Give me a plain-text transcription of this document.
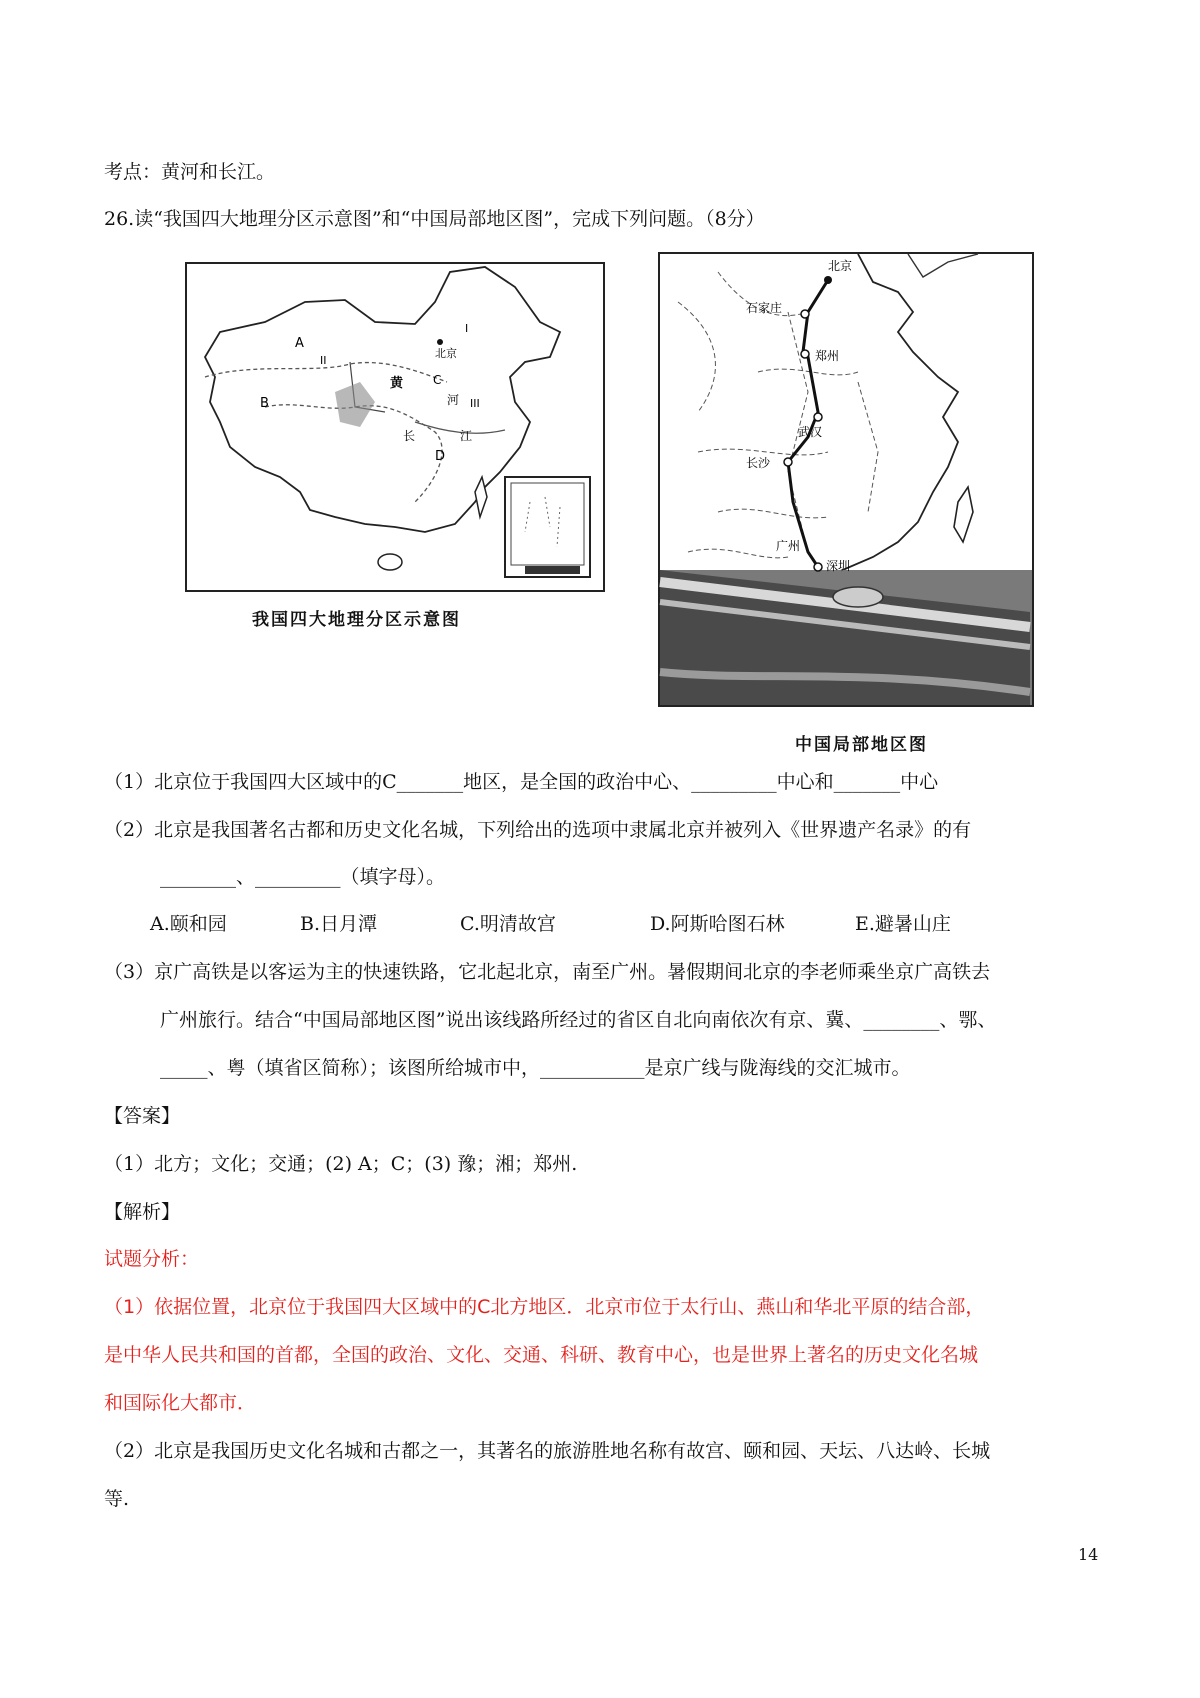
考点：黄河和长江。
26.读“我国四大地理分区示意图”和“中国局部地区图”，完成下列问题。（8分）
A
II
I
北京
黄 C
河 III
B
长	江
D
我国四大地理分区示意图
北京
石家庄
郑州
武汉
长沙
广州
深圳
中国局部地区图
（1）北京位于我国四大区域中的C_______地区，是全国的政治中心、_________中心和_______中心
（2）北京是我国著名古都和历史文化名城，下列给出的选项中隶属北京并被列入《世界遗产名录》的有
________、_________（填字母）。
A.颐和园	B.日月潭	C.明清故宫	D.阿斯哈图石林	E.避暑山庄
（3）京广高铁是以客运为主的快速铁路，它北起北京，南至广州。暑假期间北京的李老师乘坐京广高铁去
广州旅行。结合“中国局部地区图”说出该线路所经过的省区自北向南依次有京、冀、________、鄂、
_____、粤（填省区简称）；该图所给城市中，___________是京广线与陇海线的交汇城市。
【答案】
（1）北方；文化；交通；(2) A；C；(3) 豫；湘；郑州.
【解析】
试题分析：
（1）依据位置，北京位于我国四大区域中的C北方地区．北京市位于太行山、燕山和华北平原的结合部，
是中华人民共和国的首都，全国的政治、文化、交通、科研、教育中心，也是世界上著名的历史文化名城
和国际化大都市．
（2）北京是我国历史文化名城和古都之一，其著名的旅游胜地名称有故宫、颐和园、天坛、八达岭、长城
等.
14
